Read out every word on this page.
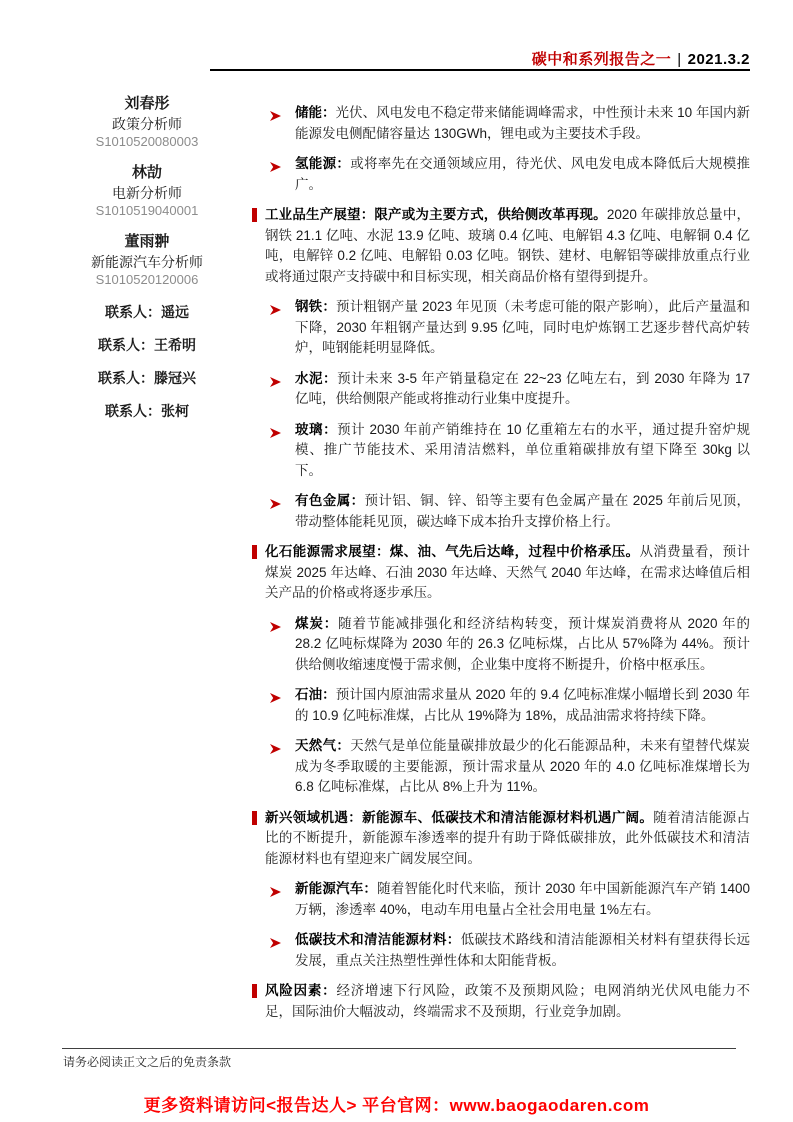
碳中和系列报告之一 | 2021.3.2
刘春彤
政策分析师
S1010520080003
林劼
电新分析师
S1010519040001
董雨翀
新能源汽车分析师
S1010520120006
联系人：遥远
联系人：王希明
联系人：滕冠兴
联系人：张柯

储能：光伏、风电发电不稳定带来储能调峰需求，中性预计未来 10 年国内新能源发电侧配储容量达 130GWh，锂电或为主要技术手段。

氢能源：或将率先在交通领域应用，待光伏、风电发电成本降低后大规模推广。

工业品生产展望：限产或为主要方式，供给侧改革再现。2020 年碳排放总量中，钢铁 21.1 亿吨、水泥 13.9 亿吨、玻璃 0.4 亿吨、电解铝 4.3 亿吨、电解铜 0.4 亿吨，电解锌 0.2 亿吨、电解铅 0.03 亿吨。钢铁、建材、电解铝等碳排放重点行业或将通过限产支持碳中和目标实现，相关商品价格有望得到提升。

钢铁：预计粗钢产量 2023 年见顶（未考虑可能的限产影响），此后产量温和下降，2030 年粗钢产量达到 9.95 亿吨，同时电炉炼钢工艺逐步替代高炉转炉，吨钢能耗明显降低。

水泥：预计未来 3-5 年产销量稳定在 22~23 亿吨左右，到 2030 年降为 17 亿吨，供给侧限产能或将推动行业集中度提升。

玻璃：预计 2030 年前产销维持在 10 亿重箱左右的水平，通过提升窑炉规模、推广节能技术、采用清洁燃料，单位重箱碳排放有望下降至 30kg 以下。

有色金属：预计铝、铜、锌、铅等主要有色金属产量在 2025 年前后见顶，带动整体能耗见顶，碳达峰下成本抬升支撑价格上行。

化石能源需求展望：煤、油、气先后达峰，过程中价格承压。从消费量看，预计煤炭 2025 年达峰、石油 2030 年达峰、天然气 2040 年达峰，在需求达峰值后相关产品的价格或将逐步承压。

煤炭：随着节能减排强化和经济结构转变，预计煤炭消费将从 2020 年的 28.2 亿吨标煤降为 2030 年的 26.3 亿吨标煤，占比从 57%降为 44%。预计供给侧收缩速度慢于需求侧，企业集中度将不断提升，价格中枢承压。

石油：预计国内原油需求量从 2020 年的 9.4 亿吨标准煤小幅增长到 2030 年的 10.9 亿吨标准煤，占比从 19%降为 18%，成品油需求将持续下降。

天然气：天然气是单位能量碳排放最少的化石能源品种，未来有望替代煤炭成为冬季取暖的主要能源，预计需求量从 2020 年的 4.0 亿吨标准煤增长为 6.8 亿吨标准煤，占比从 8%上升为 11%。

新兴领域机遇：新能源车、低碳技术和清洁能源材料机遇广阔。随着清洁能源占比的不断提升，新能源车渗透率的提升有助于降低碳排放，此外低碳技术和清洁能源材料也有望迎来广阔发展空间。

新能源汽车：随着智能化时代来临，预计 2030 年中国新能源汽车产销 1400 万辆，渗透率 40%，电动车用电量占全社会用电量 1%左右。

低碳技术和清洁能源材料：低碳技术路线和清洁能源相关材料有望获得长远发展，重点关注热塑性弹性体和太阳能背板。

风险因素：经济增速下行风险，政策不及预期风险；电网消纳光伏风电能力不足，国际油价大幅波动，终端需求不及预期，行业竞争加剧。

请务必阅读正文之后的免责条款
更多资料请访问<报告达人> 平台官网：www.baogaodaren.com
